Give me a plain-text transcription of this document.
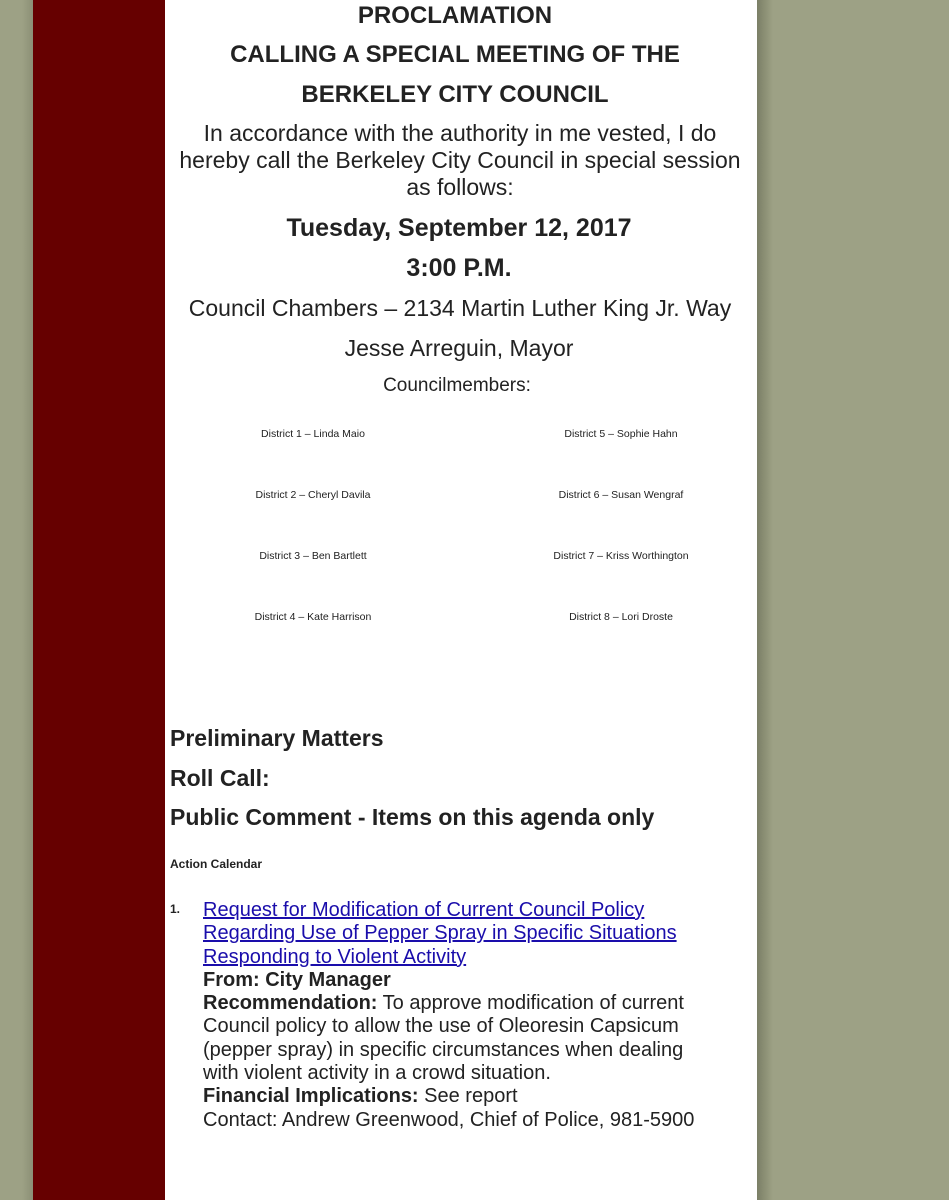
PROCLAMATION
CALLING A SPECIAL MEETING OF THE
BERKELEY CITY COUNCIL
In accordance with the authority in me vested, I do hereby call the Berkeley City Council in special session as follows:
Tuesday, September 12, 2017
3:00 P.M.
Council Chambers – 2134 Martin Luther King Jr. Way
Jesse Arreguin, Mayor
Councilmembers:
District 1 – Linda Maio	District 5 – Sophie Hahn
District 2 – Cheryl Davila	District 6 – Susan Wengraf
District 3 – Ben Bartlett	District 7 – Kriss Worthington
District 4 – Kate Harrison	District 8 – Lori Droste
Preliminary Matters
Roll Call:
Public Comment - Items on this agenda only
Action Calendar
1. Request for Modification of Current Council Policy Regarding Use of Pepper Spray in Specific Situations Responding to Violent Activity
From: City Manager
Recommendation: To approve modification of current Council policy to allow the use of Oleoresin Capsicum (pepper spray) in specific circumstances when dealing with violent activity in a crowd situation.
Financial Implications: See report
Contact: Andrew Greenwood, Chief of Police, 981-5900
